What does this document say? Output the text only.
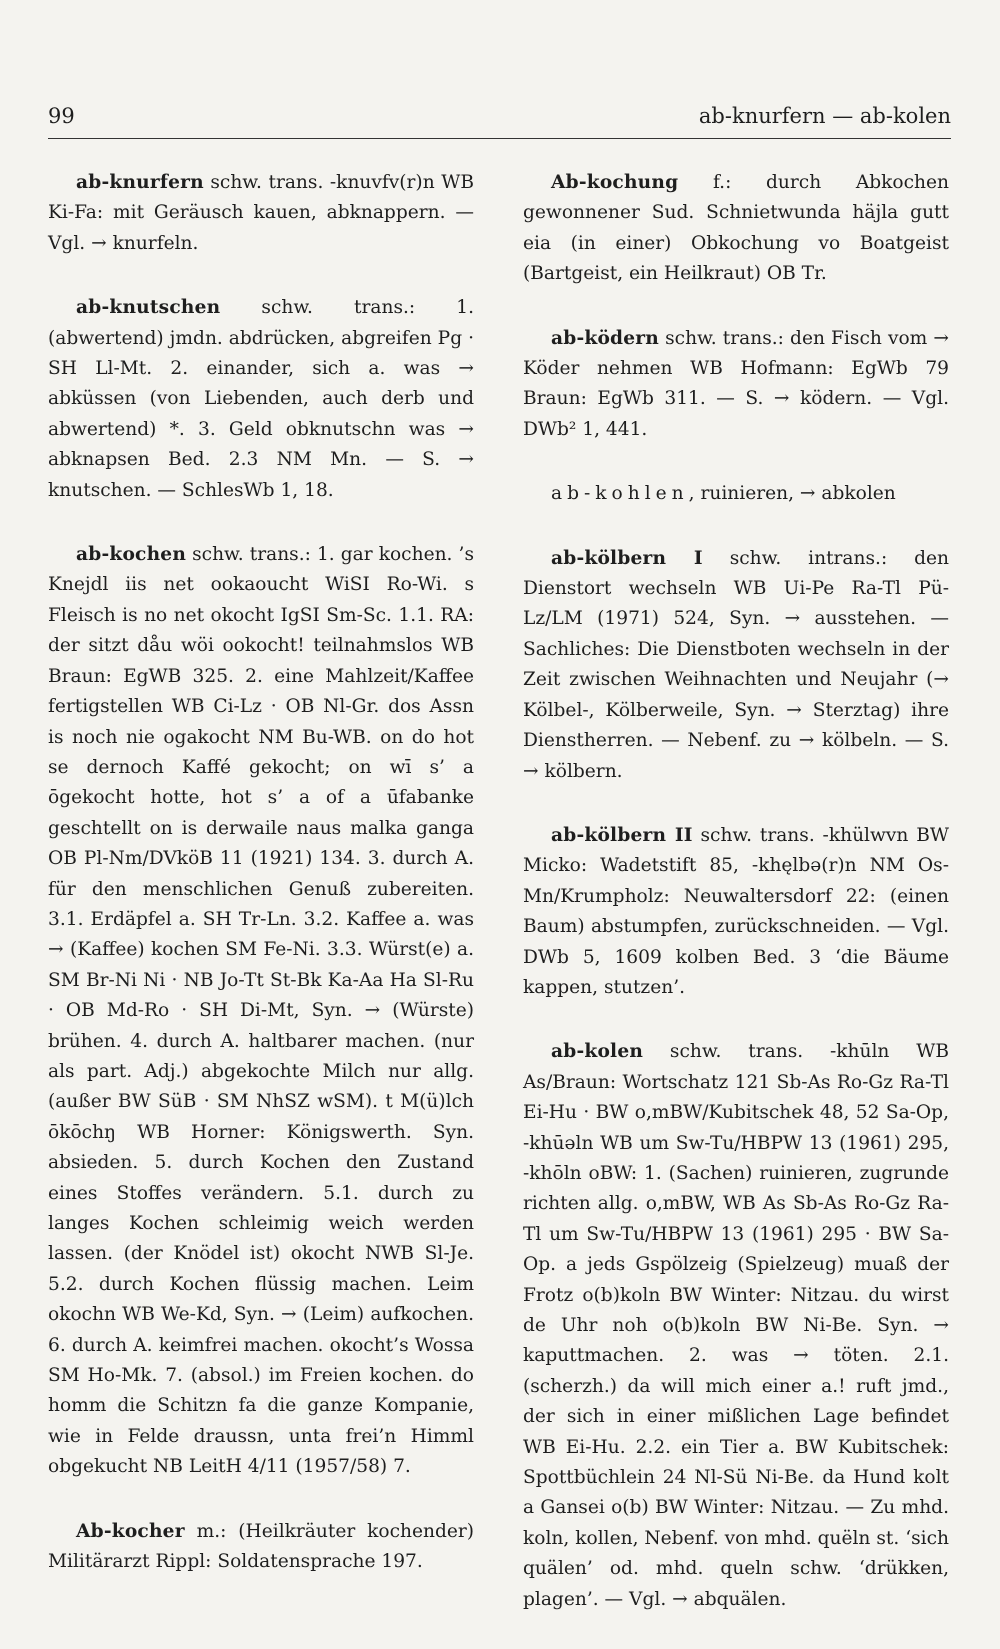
99	ab-knurfern — ab-kolen

ab-knurfern schw. trans. -knuvfv(r)n WB Ki-Fa: mit Geräusch kauen, abknappern. — Vgl. → knurfeln.

ab-knutschen schw. trans.: 1. (abwertend) jmdn. abdrücken, abgreifen Pg · SH Ll-Mt. 2. einander, sich a. was → abküssen (von Liebenden, auch derb und abwertend) *. 3. Geld obknutschn was → abknapsen Bed. 2.3 NM Mn. — S. → knutschen. — SchlesWb 1, 18.

ab-kochen schw. trans.: 1. gar kochen. ’s Knejdl iis net ookaoucht WiSI Ro-Wi. s Fleisch is no net okocht IgSI Sm-Sc. 1.1. RA: der sitzt dåu wöi ookocht! teilnahmslos WB Braun: EgWB 325. 2. eine Mahlzeit/Kaffee fertigstellen WB Ci-Lz · OB Nl-Gr. dos Assn is noch nie ogakocht NM Bu-WB. on do hot se dernoch Kaffé gekocht; on wī s’ a ōgekocht hotte, hot s’ a of a ūfabanke geschtellt on is derwaile naus malka ganga OB Pl-Nm/DVköB 11 (1921) 134. 3. durch A. für den menschlichen Genuß zubereiten. 3.1. Erdäpfel a. SH Tr-Ln. 3.2. Kaffee a. was → (Kaffee) kochen SM Fe-Ni. 3.3. Würst(e) a. SM Br-Ni Ni · NB Jo-Tt St-Bk Ka-Aa Ha Sl-Ru · OB Md-Ro · SH Di-Mt, Syn. → (Würste) brühen. 4. durch A. haltbarer machen. (nur als part. Adj.) abgekochte Milch nur allg. (außer BW SüB · SM NhSZ wSM). t M(ü)lch ōkōchŋ WB Horner: Königswerth. Syn. absieden. 5. durch Kochen den Zustand eines Stoffes verändern. 5.1. durch zu langes Kochen schleimig weich werden lassen. (der Knödel ist) okocht NWB Sl-Je. 5.2. durch Kochen flüssig machen. Leim okochn WB We-Kd, Syn. → (Leim) aufkochen. 6. durch A. keimfrei machen. okocht’s Wossa SM Ho-Mk. 7. (absol.) im Freien kochen. do homm die Schitzn fa die ganze Kompanie, wie in Felde draussn, unta frei’n Himml obgekucht NB LeitH 4/11 (1957/58) 7.

Ab-kocher m.: (Heilkräuter kochender) Militärarzt Rippl: Soldatensprache 197.

Ab-kochung f.: durch Abkochen gewonnener Sud. Schnietwunda häjla gutt eia (in einer) Obkochung vo Boatgeist (Bartgeist, ein Heilkraut) OB Tr.

ab-ködern schw. trans.: den Fisch vom → Köder nehmen WB Hofmann: EgWb 79 Braun: EgWb 311. — S. → ködern. — Vgl. DWb² 1, 441.

ab-kohlen, ruinieren, → abkolen

ab-kölbern I schw. intrans.: den Dienstort wechseln WB Ui-Pe Ra-Tl Pü-Lz/LM (1971) 524, Syn. → ausstehen. — Sachliches: Die Dienstboten wechseln in der Zeit zwischen Weihnachten und Neujahr (→ Kölbel-, Kölberweile, Syn. → Sterztag) ihre Dienstherren. — Nebenf. zu → kölbeln. — S. → kölbern.

ab-kölbern II schw. trans. -khülwvn BW Micko: Wadetstift 85, -khęlbə(r)n NM Os-Mn/Krumpholz: Neuwaltersdorf 22: (einen Baum) abstumpfen, zurückschneiden. — Vgl. DWb 5, 1609 kolben Bed. 3 ‘die Bäume kappen, stutzen’.

ab-kolen schw. trans. -khūln WB As/Braun: Wortschatz 121 Sb-As Ro-Gz Ra-Tl Ei-Hu · BW o,mBW/Kubitschek 48, 52 Sa-Op, -khūəln WB um Sw-Tu/HBPW 13 (1961) 295, -khōln oBW: 1. (Sachen) ruinieren, zugrunde richten allg. o,mBW, WB As Sb-As Ro-Gz Ra-Tl um Sw-Tu/HBPW 13 (1961) 295 · BW Sa-Op. a jeds Gspölzeig (Spielzeug) muaß der Frotz o(b)koln BW Winter: Nitzau. du wirst de Uhr noh o(b)koln BW Ni-Be. Syn. → kaputtmachen. 2. was → töten. 2.1. (scherzh.) da will mich einer a.! ruft jmd., der sich in einer mißlichen Lage befindet WB Ei-Hu. 2.2. ein Tier a. BW Kubitschek: Spottbüchlein 24 Nl-Sü Ni-Be. da Hund kolt a Gansei o(b) BW Winter: Nitzau. — Zu mhd. koln, kollen, Nebenf. von mhd. quëln st. ‘sich quälen’ od. mhd. queln schw. ‘drükken, plagen’. — Vgl. → abquälen.
